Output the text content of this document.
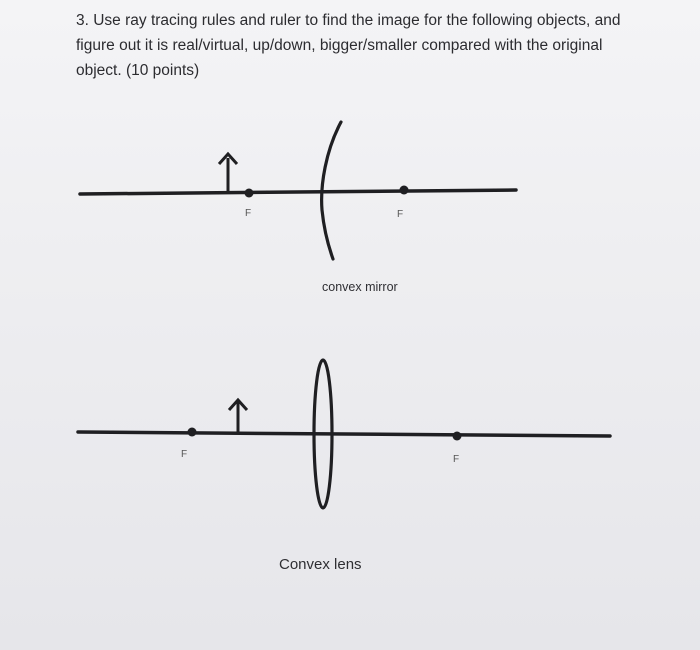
3. Use ray tracing rules and ruler to find the image for the following objects, and
figure out it is real/virtual, up/down, bigger/smaller compared with the original
object. (10 points)
F	F
F	F
convex mirror
Convex lens
